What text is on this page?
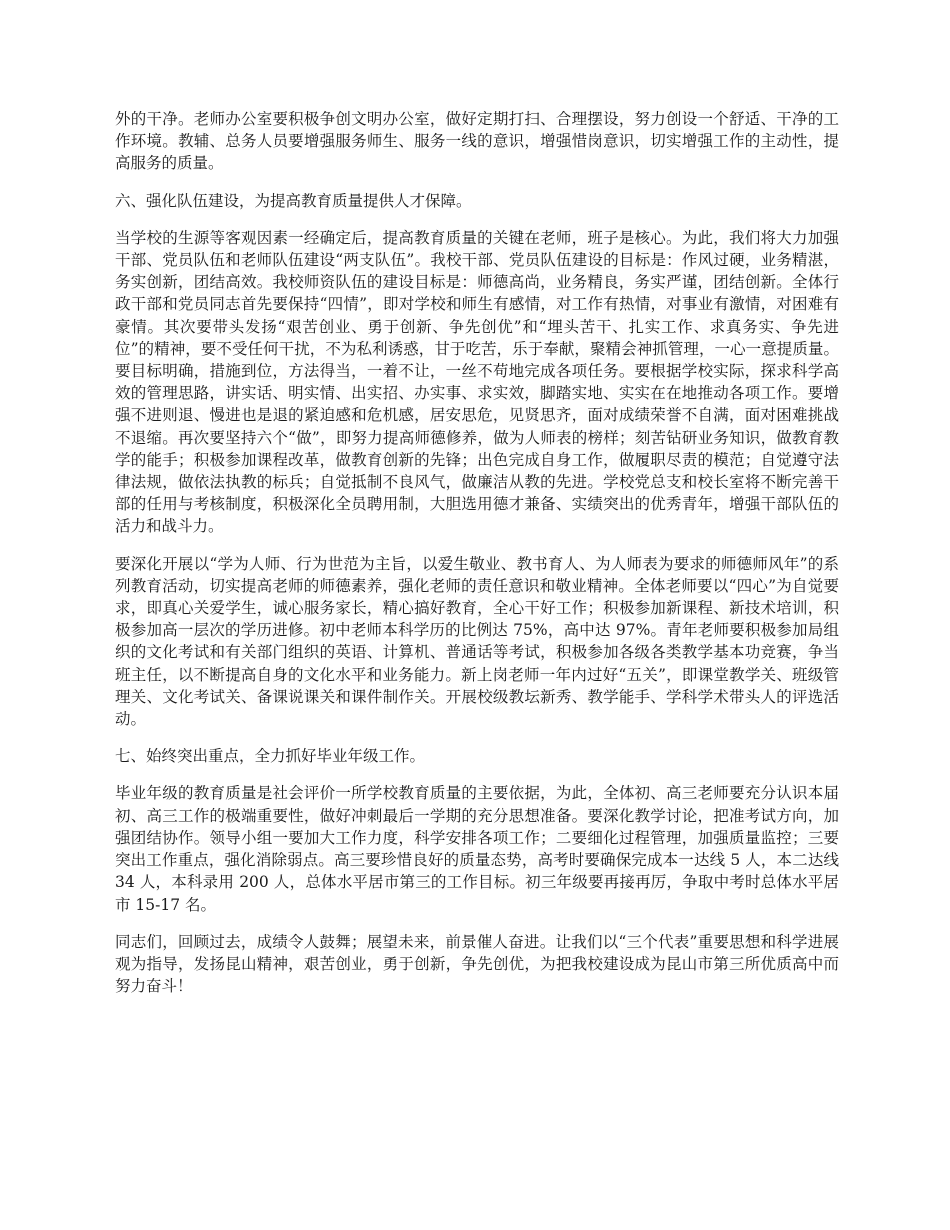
外的干净。老师办公室要积极争创文明办公室，做好定期打扫、合理摆设，努力创设一个舒适、干净的工作环境。教辅、总务人员要增强服务师生、服务一线的意识，增强惜岗意识，切实增强工作的主动性，提高服务的质量。

六、强化队伍建设，为提高教育质量提供人才保障。

当学校的生源等客观因素一经确定后，提高教育质量的关键在老师，班子是核心。为此，我们将大力加强干部、党员队伍和老师队伍建设“两支队伍”。我校干部、党员队伍建设的目标是：作风过硬，业务精湛，务实创新，团结高效。我校师资队伍的建设目标是：师德高尚，业务精良，务实严谨，团结创新。全体行政干部和党员同志首先要保持“四情”，即对学校和师生有感情，对工作有热情，对事业有激情，对困难有豪情。其次要带头发扬“艰苦创业、勇于创新、争先创优”和“埋头苦干、扎实工作、求真务实、争先进位”的精神，要不受任何干扰，不为私利诱惑，甘于吃苦，乐于奉献，聚精会神抓管理，一心一意提质量。要目标明确，措施到位，方法得当，一着不让，一丝不苟地完成各项任务。要根据学校实际，探求科学高效的管理思路，讲实话、明实情、出实招、办实事、求实效，脚踏实地、实实在在地推动各项工作。要增强不进则退、慢进也是退的紧迫感和危机感，居安思危，见贤思齐，面对成绩荣誉不自满，面对困难挑战不退缩。再次要坚持六个“做”，即努力提高师德修养，做为人师表的榜样；刻苦钻研业务知识，做教育教学的能手；积极参加课程改革，做教育创新的先锋；出色完成自身工作，做履职尽责的模范；自觉遵守法律法规，做依法执教的标兵；自觉抵制不良风气，做廉洁从教的先进。学校党总支和校长室将不断完善干部的任用与考核制度，积极深化全员聘用制，大胆选用德才兼备、实绩突出的优秀青年，增强干部队伍的活力和战斗力。

要深化开展以“学为人师、行为世范为主旨，以爱生敬业、教书育人、为人师表为要求的师德师风年”的系列教育活动，切实提高老师的师德素养，强化老师的责任意识和敬业精神。全体老师要以“四心”为自觉要求，即真心关爱学生，诚心服务家长，精心搞好教育，全心干好工作；积极参加新课程、新技术培训，积极参加高一层次的学历进修。初中老师本科学历的比例达 75%，高中达 97%。青年老师要积极参加局组织的文化考试和有关部门组织的英语、计算机、普通话等考试，积极参加各级各类教学基本功竞赛，争当班主任，以不断提高自身的文化水平和业务能力。新上岗老师一年内过好“五关”，即课堂教学关、班级管理关、文化考试关、备课说课关和课件制作关。开展校级教坛新秀、教学能手、学科学术带头人的评选活动。

七、始终突出重点，全力抓好毕业年级工作。

毕业年级的教育质量是社会评价一所学校教育质量的主要依据，为此，全体初、高三老师要充分认识本届初、高三工作的极端重要性，做好冲刺最后一学期的充分思想准备。要深化教学讨论，把准考试方向，加强团结协作。领导小组一要加大工作力度，科学安排各项工作；二要细化过程管理，加强质量监控；三要突出工作重点，强化消除弱点。高三要珍惜良好的质量态势，高考时要确保完成本一达线 5 人，本二达线 34 人，本科录用 200 人，总体水平居市第三的工作目标。初三年级要再接再厉，争取中考时总体水平居市 15-17 名。

同志们，回顾过去，成绩令人鼓舞；展望未来，前景催人奋进。让我们以“三个代表”重要思想和科学进展观为指导，发扬昆山精神，艰苦创业，勇于创新，争先创优，为把我校建设成为昆山市第三所优质高中而努力奋斗！
